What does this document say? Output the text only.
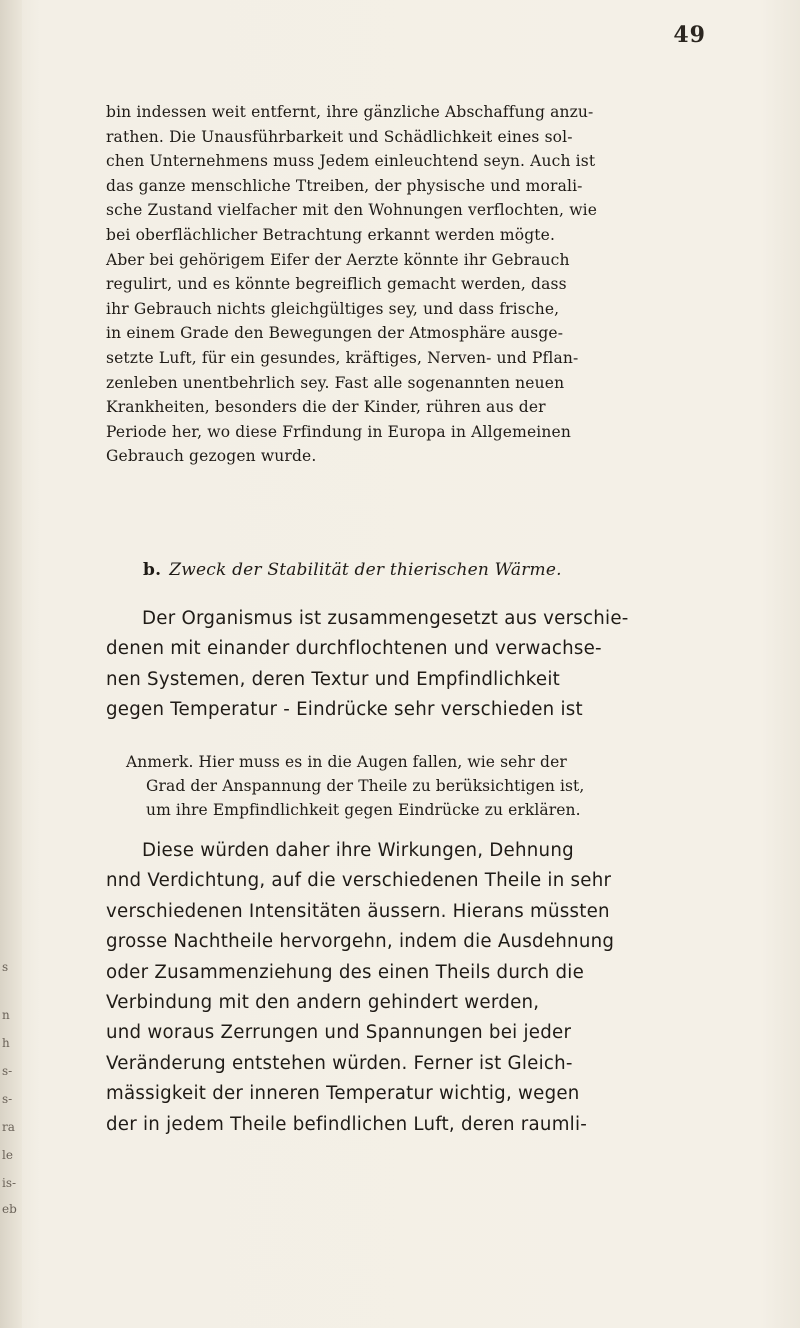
s
n
h
s-
s-
ra
le
is-
eb
49
bin indessen weit entfernt, ihre gänzliche Abschaffung anzu-
rathen. Die Unausführbarkeit und Schädlichkeit eines sol-
chen Unternehmens muss Jedem einleuchtend seyn. Auch ist
das ganze menschliche Ttreiben, der physische und morali-
sche Zustand vielfacher mit den Wohnungen verflochten, wie
bei oberflächlicher Betrachtung erkannt werden mögte.
Aber bei gehörigem Eifer der Aerzte könnte ihr Gebrauch
regulirt, und es könnte begreiflich gemacht werden, dass
ihr Gebrauch nichts gleichgültiges sey, und dass frische,
in einem Grade den Bewegungen der Atmosphäre ausge-
setzte Luft, für ein gesundes, kräftiges, Nerven- und Pflan-
zenleben unentbehrlich sey. Fast alle sogenannten neuen
Krankheiten, besonders die der Kinder, rühren aus der
Periode her, wo diese Frfindung in Europa in Allgemeinen
Gebrauch gezogen wurde.
b. Zweck der Stabilität der thierischen Wärme.
Der Organismus ist zusammengesetzt aus verschie-
denen mit einander durchflochtenen und verwachse-
nen Systemen, deren Textur und Empfindlichkeit
gegen Temperatur - Eindrücke sehr verschieden ist
Anmerk. Hier muss es in die Augen fallen, wie sehr der
Grad der Anspannung der Theile zu berüksichtigen ist,
um ihre Empfindlichkeit gegen Eindrücke zu erklären.
Diese würden daher ihre Wirkungen, Dehnung
nnd Verdichtung, auf die verschiedenen Theile in sehr
verschiedenen Intensitäten äussern. Hierans müssten
grosse Nachtheile hervorgehn, indem die Ausdehnung
oder Zusammenziehung des einen Theils durch die
Verbindung mit den andern gehindert werden,
und woraus Zerrungen und Spannungen bei jeder
Veränderung entstehen würden. Ferner ist Gleich-
mässigkeit der inneren Temperatur wichtig, wegen
der in jedem Theile befindlichen Luft, deren raumli-
